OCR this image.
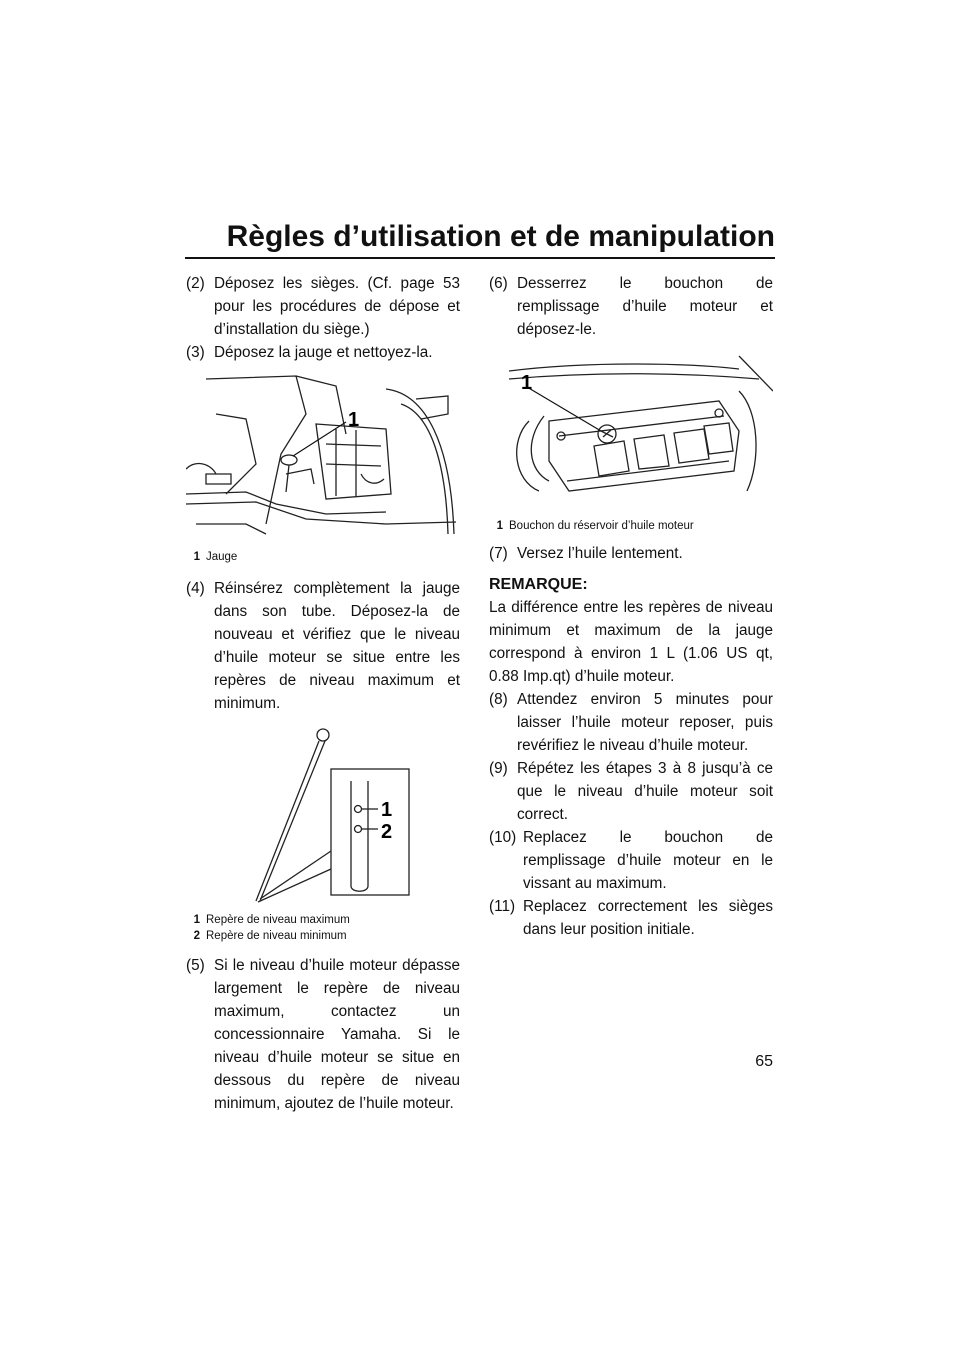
Règles d’utilisation et de manipulation

(2) Déposez les sièges. (Cf. page 53 pour les procédures de dépose et d’installation du siège.)

(3) Déposez la jauge et nettoyez-la.

1

1 Jauge

(4) Réinsérez complètement la jauge dans son tube. Déposez-la de nouveau et vérifiez que le niveau d’huile moteur se situe entre les repères de niveau maximum et minimum.

1
2

1 Repère de niveau maximum
2 Repère de niveau minimum

(5) Si le niveau d’huile moteur dépasse largement le repère de niveau maximum, contactez un concessionnaire Yamaha. Si le niveau d’huile moteur se situe en dessous du repère de niveau minimum, ajoutez de l’huile moteur.

(6) Desserrez le bouchon de remplissage d’huile moteur et déposez-le.

1

1 Bouchon du réservoir d’huile moteur

(7) Versez l’huile lentement.

REMARQUE:

La différence entre les repères de niveau minimum et maximum de la jauge correspond à environ 1 L (1.06 US qt, 0.88 Imp.qt) d’huile moteur.

(8) Attendez environ 5 minutes pour laisser l’huile moteur reposer, puis revérifiez le niveau d’huile moteur.

(9) Répétez les étapes 3 à 8 jusqu’à ce que le niveau d’huile moteur soit correct.

(10) Replacez le bouchon de remplissage d’huile moteur en le vissant au maximum.

(11) Replacez correctement les sièges dans leur position initiale.

65
